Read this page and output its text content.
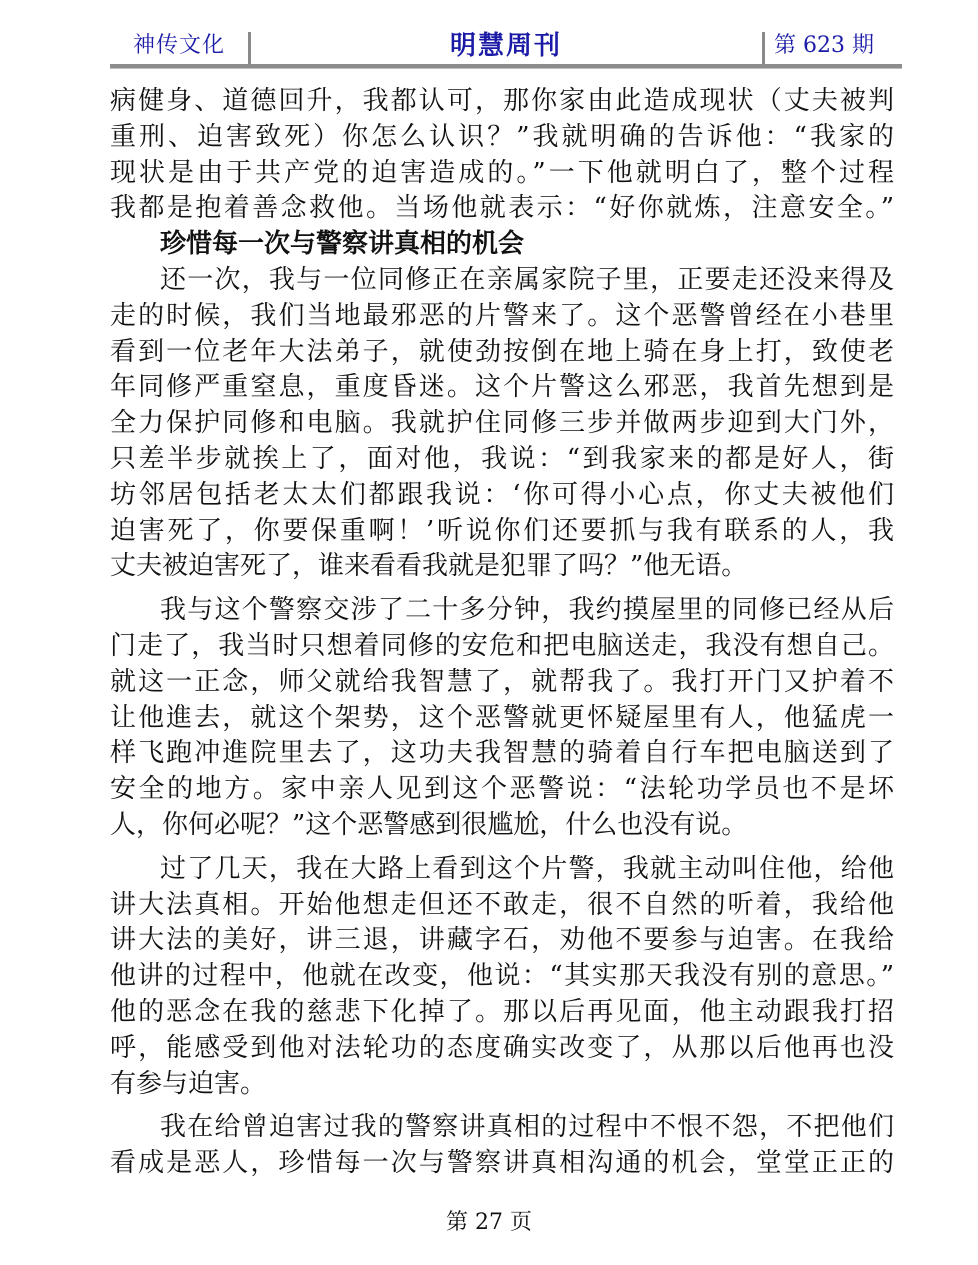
神传文化	明慧周刊	第 623 期
病健身、道德回升，我都认可，那你家由此造成现状（丈夫被判
重刑、迫害致死）你怎么认识？”我就明确的告诉他：“我家的
现状是由于共产党的迫害造成的。”一下他就明白了，整个过程
我都是抱着善念救他。当场他就表示：“好你就炼，注意安全。”
珍惜每一次与警察讲真相的机会
还一次，我与一位同修正在亲属家院子里，正要走还没来得及
走的时候，我们当地最邪恶的片警来了。这个恶警曾经在小巷里
看到一位老年大法弟子，就使劲按倒在地上骑在身上打，致使老
年同修严重窒息，重度昏迷。这个片警这么邪恶，我首先想到是
全力保护同修和电脑。我就护住同修三步并做两步迎到大门外，
只差半步就挨上了，面对他，我说：“到我家来的都是好人，街
坊邻居包括老太太们都跟我说：‘你可得小心点，你丈夫被他们
迫害死了，你要保重啊！’听说你们还要抓与我有联系的人，我
丈夫被迫害死了，谁来看看我就是犯罪了吗？”他无语。
我与这个警察交涉了二十多分钟，我约摸屋里的同修已经从后
门走了，我当时只想着同修的安危和把电脑送走，我没有想自己。
就这一正念，师父就给我智慧了，就帮我了。我打开门又护着不
让他進去，就这个架势，这个恶警就更怀疑屋里有人，他猛虎一
样飞跑冲進院里去了，这功夫我智慧的骑着自行车把电脑送到了
安全的地方。家中亲人见到这个恶警说：“法轮功学员也不是坏
人，你何必呢？”这个恶警感到很尴尬，什么也没有说。
过了几天，我在大路上看到这个片警，我就主动叫住他，给他
讲大法真相。开始他想走但还不敢走，很不自然的听着，我给他
讲大法的美好，讲三退，讲藏字石，劝他不要参与迫害。在我给
他讲的过程中，他就在改变，他说：“其实那天我没有别的意思。”
他的恶念在我的慈悲下化掉了。那以后再见面，他主动跟我打招
呼，能感受到他对法轮功的态度确实改变了，从那以后他再也没
有参与迫害。
我在给曾迫害过我的警察讲真相的过程中不恨不怨，不把他们
看成是恶人，珍惜每一次与警察讲真相沟通的机会，堂堂正正的
第 27 页
